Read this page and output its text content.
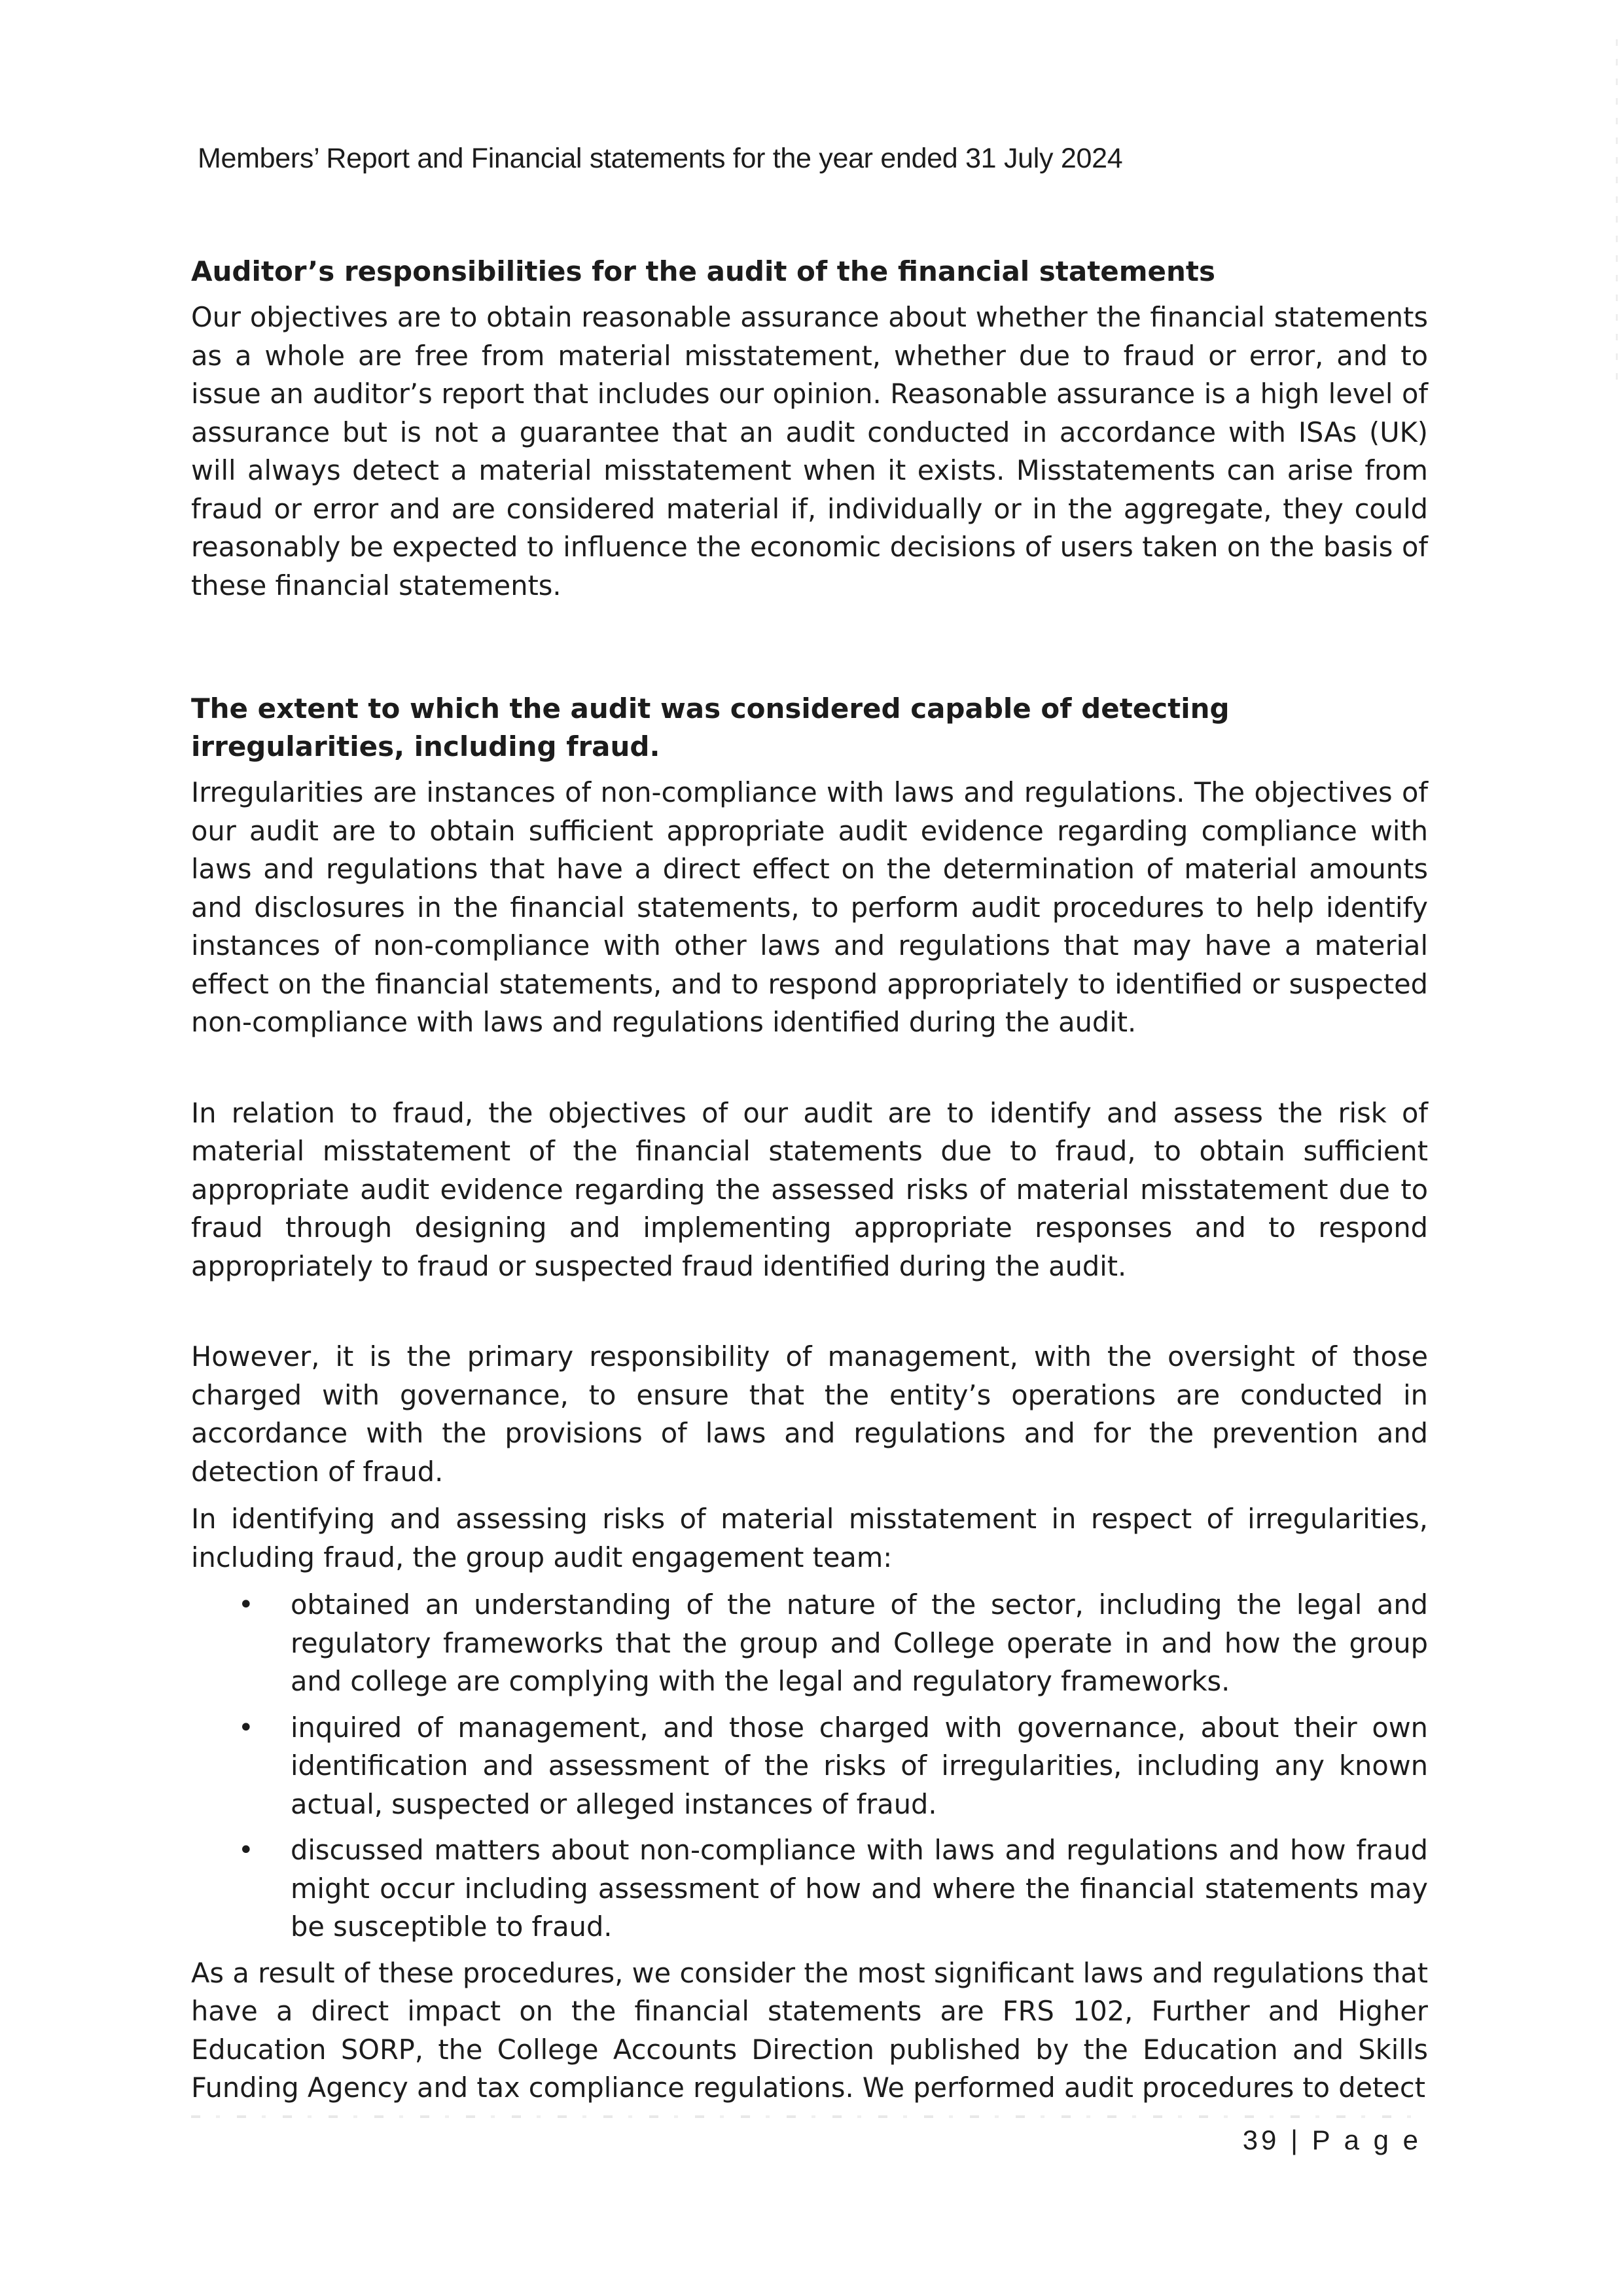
Members’ Report and Financial statements for the year ended 31 July 2024
Auditor’s responsibilities for the audit of the financial statements

Our objectives are to obtain reasonable assurance about whether the financial statements as a whole are free from material misstatement, whether due to fraud or error, and to issue an auditor’s report that includes our opinion. Reasonable assurance is a high level of assurance but is not a guarantee that an audit conducted in accordance with ISAs (UK) will always detect a material misstatement when it exists. Misstatements can arise from fraud or error and are considered material if, individually or in the aggregate, they could reasonably be expected to influence the economic decisions of users taken on the basis of these financial statements.

The extent to which the audit was considered capable of detecting irregularities, including fraud.

Irregularities are instances of non-compliance with laws and regulations. The objectives of our audit are to obtain sufficient appropriate audit evidence regarding compliance with laws and regulations that have a direct effect on the determination of material amounts and disclosures in the financial statements, to perform audit procedures to help identify instances of non-compliance with other laws and regulations that may have a material effect on the financial statements, and to respond appropriately to identified or suspected non-compliance with laws and regulations identified during the audit.

In relation to fraud, the objectives of our audit are to identify and assess the risk of material misstatement of the financial statements due to fraud, to obtain sufficient appropriate audit evidence regarding the assessed risks of material misstatement due to fraud through designing and implementing appropriate responses and to respond appropriately to fraud or suspected fraud identified during the audit.

However, it is the primary responsibility of management, with the oversight of those charged with governance, to ensure that the entity’s operations are conducted in accordance with the provisions of laws and regulations and for the prevention and detection of fraud.

In identifying and assessing risks of material misstatement in respect of irregularities, including fraud, the group audit engagement team:

• obtained an understanding of the nature of the sector, including the legal and regulatory frameworks that the group and College operate in and how the group and college are complying with the legal and regulatory frameworks.
• inquired of management, and those charged with governance, about their own identification and assessment of the risks of irregularities, including any known actual, suspected or alleged instances of fraud.
• discussed matters about non-compliance with laws and regulations and how fraud might occur including assessment of how and where the financial statements may be susceptible to fraud.

As a result of these procedures, we consider the most significant laws and regulations that have a direct impact on the financial statements are FRS 102, Further and Higher Education SORP, the College Accounts Direction published by the Education and Skills Funding Agency and tax compliance regulations. We performed audit procedures to detect

39 | P a g e
